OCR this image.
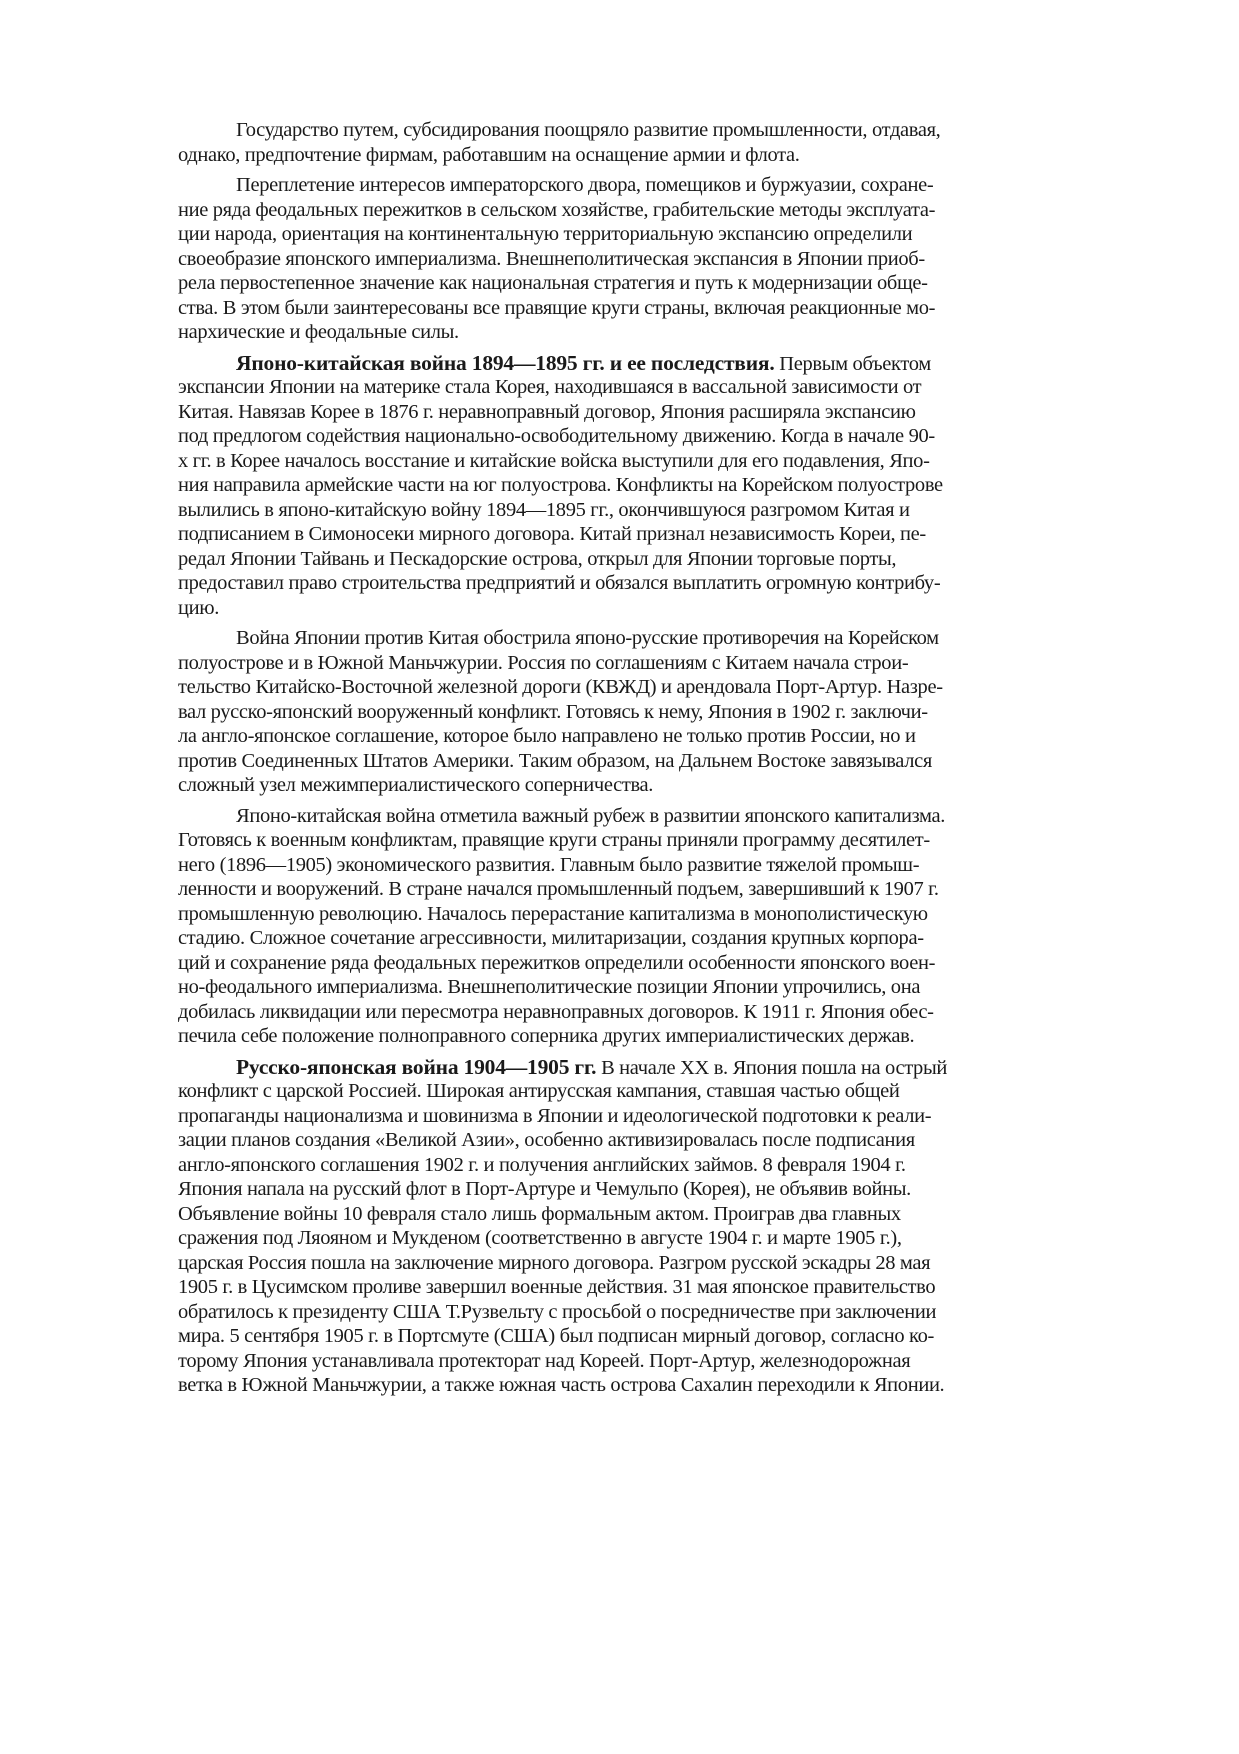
Государство путем, субсидирования поощряло развитие промышленности, отдавая,
однако, предпочтение фирмам, работавшим на оснащение армии и флота.
Переплетение интересов императорского двора, помещиков и буржуазии, сохране-
ние ряда феодальных пережитков в сельском хозяйстве, грабительские методы эксплуата-
ции народа, ориентация на континентальную территориальную экспансию определили
своеобразие японского империализма. Внешнеполитическая экспансия в Японии приоб-
рела первостепенное значение как национальная стратегия и путь к модернизации обще-
ства. В этом были заинтересованы все правящие круги страны, включая реакционные мо-
нархические и феодальные силы.
Японо-китайская война 1894—1895 гг. и ее последствия. Первым объектом
экспансии Японии на материке стала Корея, находившаяся в вассальной зависимости от
Китая. Навязав Корее в 1876 г. неравноправный договор, Япония расширяла экспансию
под предлогом содействия национально-освободительному движению. Когда в начале 90-
х гг. в Корее началось восстание и китайские войска выступили для его подавления, Япо-
ния направила армейские части на юг полуострова. Конфликты на Корейском полуострове
вылились в японо-китайскую войну 1894—1895 гг., окончившуюся разгромом Китая и
подписанием в Симоносеки мирного договора. Китай признал независимость Кореи, пе-
редал Японии Тайвань и Пескадорские острова, открыл для Японии торговые порты,
предоставил право строительства предприятий и обязался выплатить огромную контрибу-
цию.
Война Японии против Китая обострила японо-русские противоречия на Корейском
полуострове и в Южной Маньчжурии. Россия по соглашениям с Китаем начала строи-
тельство Китайско-Восточной железной дороги (КВЖД) и арендовала Порт-Артур. Назре-
вал русско-японский вооруженный конфликт. Готовясь к нему, Япония в 1902 г. заключи-
ла англо-японское соглашение, которое было направлено не только против России, но и
против Соединенных Штатов Америки. Таким образом, на Дальнем Востоке завязывался
сложный узел межимпериалистического соперничества.
Японо-китайская война отметила важный рубеж в развитии японского капитализма.
Готовясь к военным конфликтам, правящие круги страны приняли программу десятилет-
него (1896—1905) экономического развития. Главным было развитие тяжелой промыш-
ленности и вооружений. В стране начался промышленный подъем, завершивший к 1907 г.
промышленную революцию. Началось перерастание капитализма в монополистическую
стадию. Сложное сочетание агрессивности, милитаризации, создания крупных корпора-
ций и сохранение ряда феодальных пережитков определили особенности японского воен-
но-феодального империализма. Внешнеполитические позиции Японии упрочились, она
добилась ликвидации или пересмотра неравноправных договоров. К 1911 г. Япония обес-
печила себе положение полноправного соперника других империалистических держав.
Русско-японская война 1904—1905 гг. В начале XX в. Япония пошла на острый
конфликт с царской Россией. Широкая антирусская кампания, ставшая частью общей
пропаганды национализма и шовинизма в Японии и идеологической подготовки к реали-
зации планов создания «Великой Азии», особенно активизировалась после подписания
англо-японского соглашения 1902 г. и получения английских займов. 8 февраля 1904 г.
Япония напала на русский флот в Порт-Артуре и Чемульпо (Корея), не объявив войны.
Объявление войны 10 февраля стало лишь формальным актом. Проиграв два главных
сражения под Ляояном и Мукденом (соответственно в августе 1904 г. и марте 1905 г.),
царская Россия пошла на заключение мирного договора. Разгром русской эскадры 28 мая
1905 г. в Цусимском проливе завершил военные действия. 31 мая японское правительство
обратилось к президенту США Т.Рузвельту с просьбой о посредничестве при заключении
мира. 5 сентября 1905 г. в Портсмуте (США) был подписан мирный договор, согласно ко-
торому Япония устанавливала протекторат над Кореей. Порт-Артур, железнодорожная
ветка в Южной Маньчжурии, а также южная часть острова Сахалин переходили к Японии.
